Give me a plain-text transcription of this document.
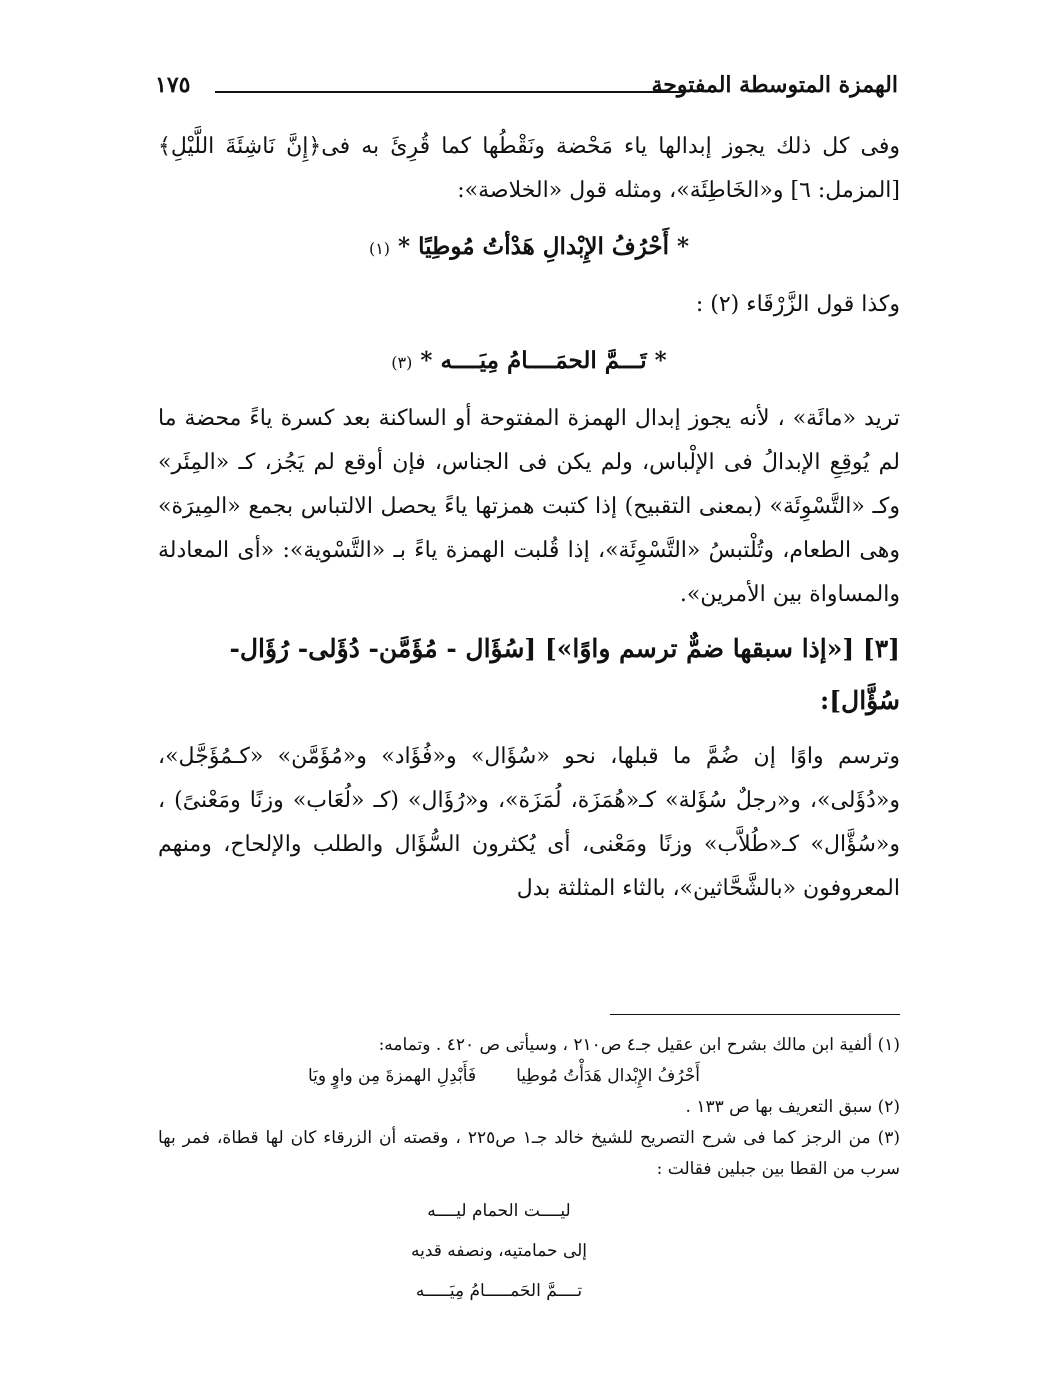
الهمزة المتوسطة المفتوحة
١٧٥

وفى كل ذلك يجوز إبدالها ياء مَحْضة ونَقْطُها كما قُرِئَ به فى﴿إِنَّ نَاشِئَةَ اللَّيْلِ﴾ [المزمل: ٦] و«الخَاطِئَة»، ومثله قول «الخلاصة»:

* أَحْرُفُ الإِبْدالِ هَدْأتُ مُوطِيًا * (١)

وكذا قول الزَّرْقَاء (٢) :

* تَـــمَّ الحمَــــامُ مِيَــــه * (٣)

تريد «مائَة» ، لأنه يجوز إبدال الهمزة المفتوحة أو الساكنة بعد كسرة ياءً محضة ما لم يُوقِعِ الإبدالُ فى الإلْباس، ولم يكن فى الجناس، فإن أوقع لم يَجُز، كـ «المِئَر» وكـ «التَّسْوِئَة» (بمعنى التقبيح) إذا كتبت همزتها ياءً يحصل الالتباس بجمع «المِيرَة» وهى الطعام، وتُلْتبسُ «التَّسْوِئَة»، إذا قُلبت الهمزة ياءً بـ «التَّسْوية»: «أى المعادلة والمساواة بين الأمرين».

[٣] [«إذا سبقها ضمٌّ ترسم واوًا»] [سُؤَال - مُؤَمَّن- دُؤَلى- رُؤَال- سُؤَّال]:

وترسم واوًا إن ضُمَّ ما قبلها، نحو «سُؤَال» و«فُؤَاد» و«مُؤَمَّن» «كـمُؤَجَّل»، و«دُؤَلى»، و«رجلٌ سُؤَلة» كـ«هُمَزَة، لُمَزَة»، و«رُؤَال» (كـ «لُعَاب» وزنًا ومَعْنىً) ، و«سُؤَّال» كـ«طُلاَّب» وزنًا ومَعْنى، أى يُكثرون السُّؤَال والطلب والإلحاح، ومنهم المعروفون «بالشَّحَّاثين»، بالثاء المثلثة بدل

(١) ألفية ابن مالك بشرح ابن عقيل جـ٤ ص٢١٠ ، وسيأتى ص ٤٢٠ . وتمامه:

أَحْرُفُ الإِبْدال هَدَأْتُ مُوطِيا
فَأَبْدِلِ الهمزةَ مِن واوٍ ويَا

(٢) سبق التعريف بها ص ١٣٣ .

(٣) من الرجز كما فى شرح التصريح للشيخ خالد جـ١ ص٢٢٥ ، وقصته أن الزرقاء كان لها قطاة، فمر بها سرب من القطا بين جبلين فقالت :

ليــــت الحمام ليــــه
إلى حمامتيه، ونصفه قديه
تــــمَّ الحَمـــــامُ مِيَـــــه
